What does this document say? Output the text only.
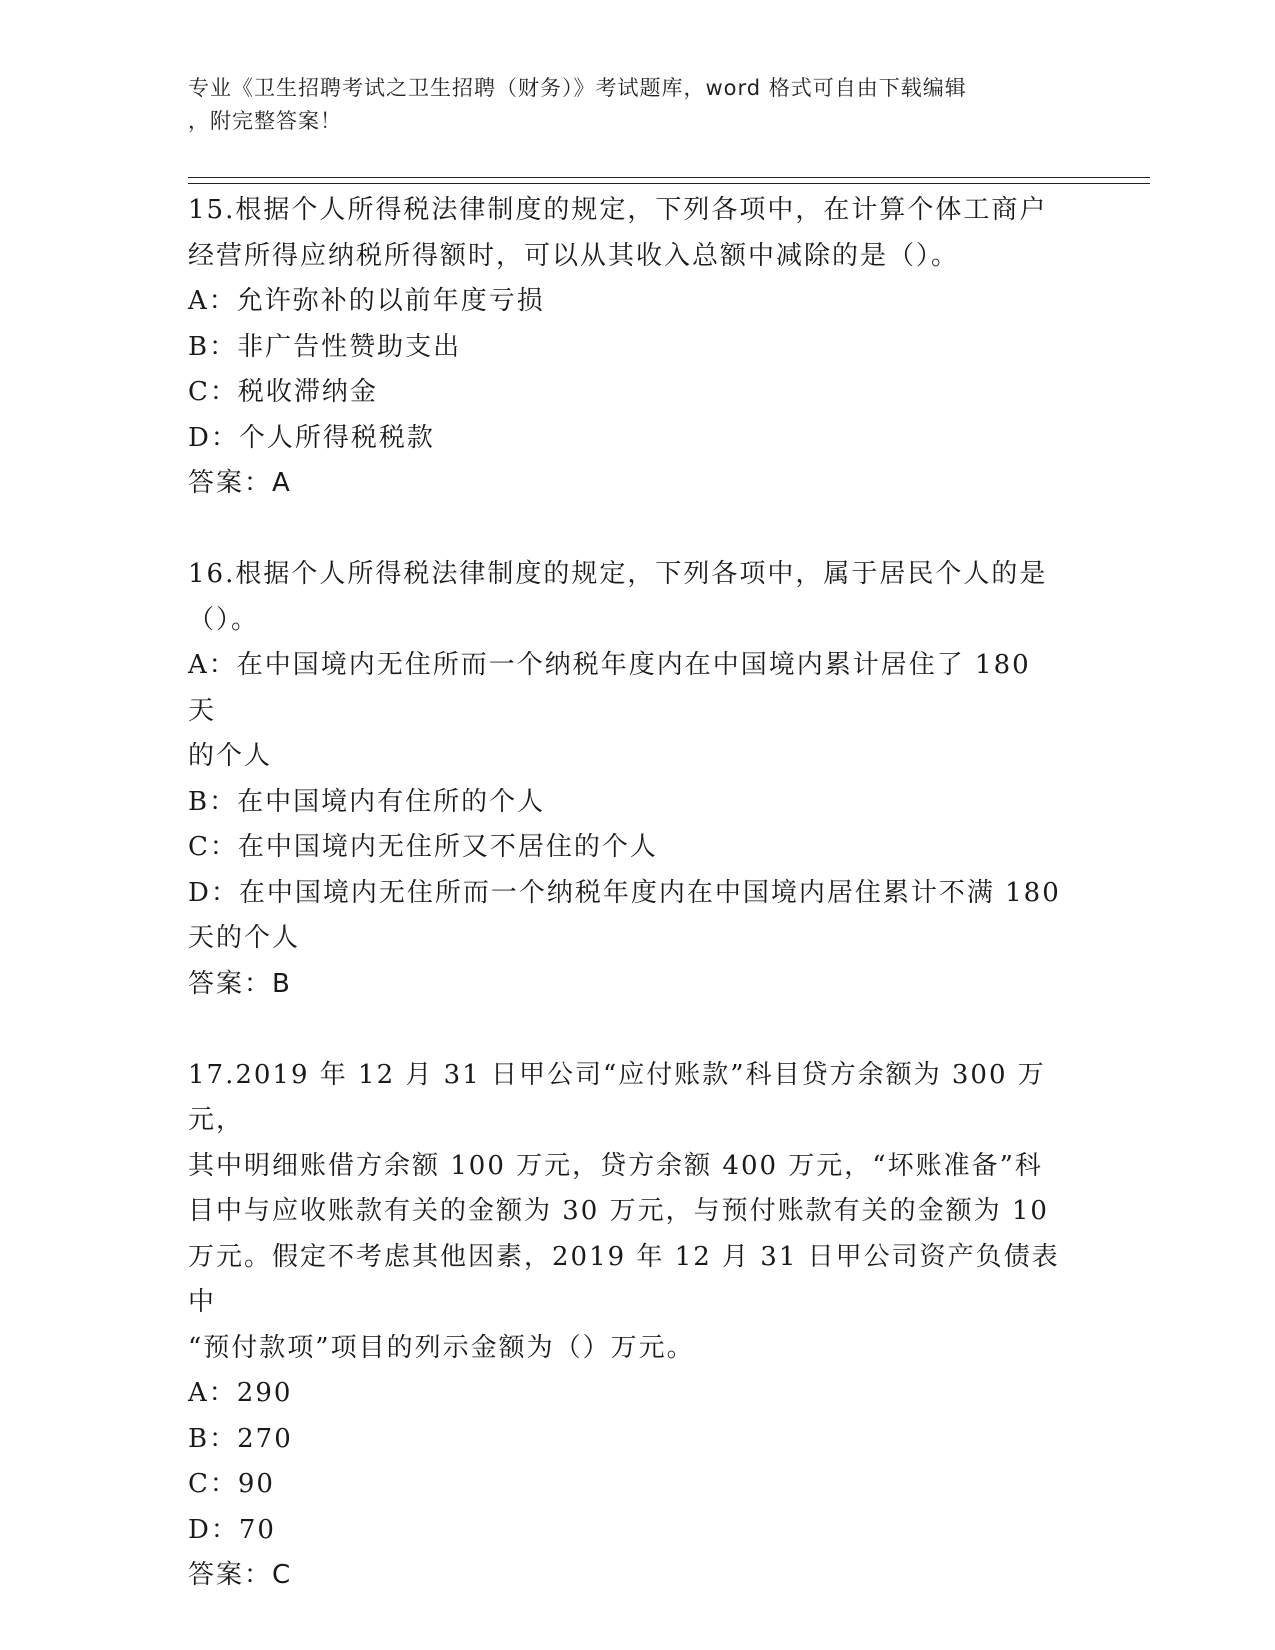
专业《卫生招聘考试之卫生招聘（财务）》考试题库，word 格式可自由下载编辑
，附完整答案！
15.根据个人所得税法律制度的规定，下列各项中，在计算个体工商户
经营所得应纳税所得额时，可以从其收入总额中减除的是（）。
A：允许弥补的以前年度亏损
B：非广告性赞助支出
C：税收滞纳金
D：个人所得税税款
答案：A
16.根据个人所得税法律制度的规定，下列各项中，属于居民个人的是
（）。
A：在中国境内无住所而一个纳税年度内在中国境内累计居住了 180 天
的个人
B：在中国境内有住所的个人
C：在中国境内无住所又不居住的个人
D：在中国境内无住所而一个纳税年度内在中国境内居住累计不满 180
天的个人
答案：B
17.2019 年 12 月 31 日甲公司“应付账款”科目贷方余额为 300 万元，
其中明细账借方余额 100 万元，贷方余额 400 万元，“坏账准备”科
目中与应收账款有关的金额为 30 万元，与预付账款有关的金额为 10
万元。假定不考虑其他因素，2019 年 12 月 31 日甲公司资产负债表中
“预付款项”项目的列示金额为（）万元。
A：290
B：270
C：90
D：70
答案：C
